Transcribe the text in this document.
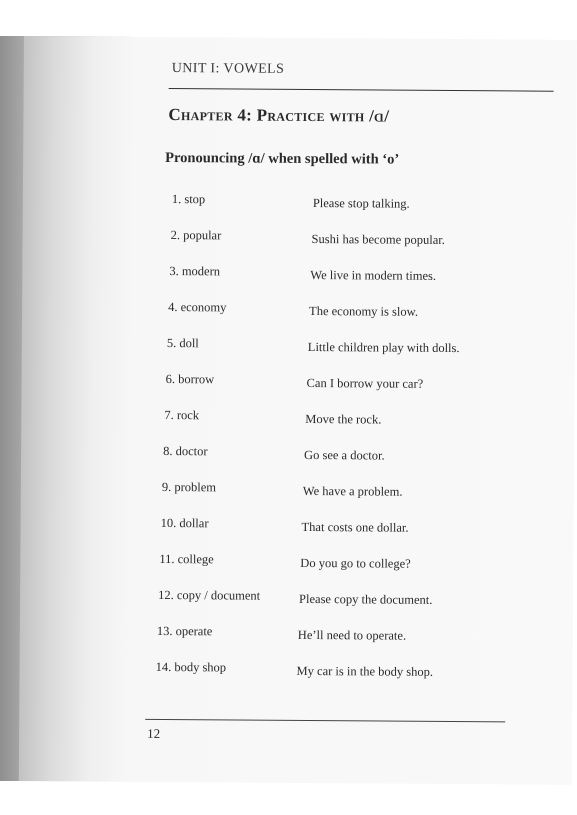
UNIT I: VOWELS
Chapter 4: Practice with /ɑ/
Pronouncing /ɑ/ when spelled with ‘o’
1. stop	Please stop talking.
2. popular	Sushi has become popular.
3. modern	We live in modern times.
4. economy	The economy is slow.
5. doll	Little children play with dolls.
6. borrow	Can I borrow your car?
7. rock	Move the rock.
8. doctor	Go see a doctor.
9. problem	We have a problem.
10. dollar	That costs one dollar.
11. college	Do you go to college?
12. copy / document	Please copy the document.
13. operate	He’ll need to operate.
14. body shop	My car is in the body shop.
12
